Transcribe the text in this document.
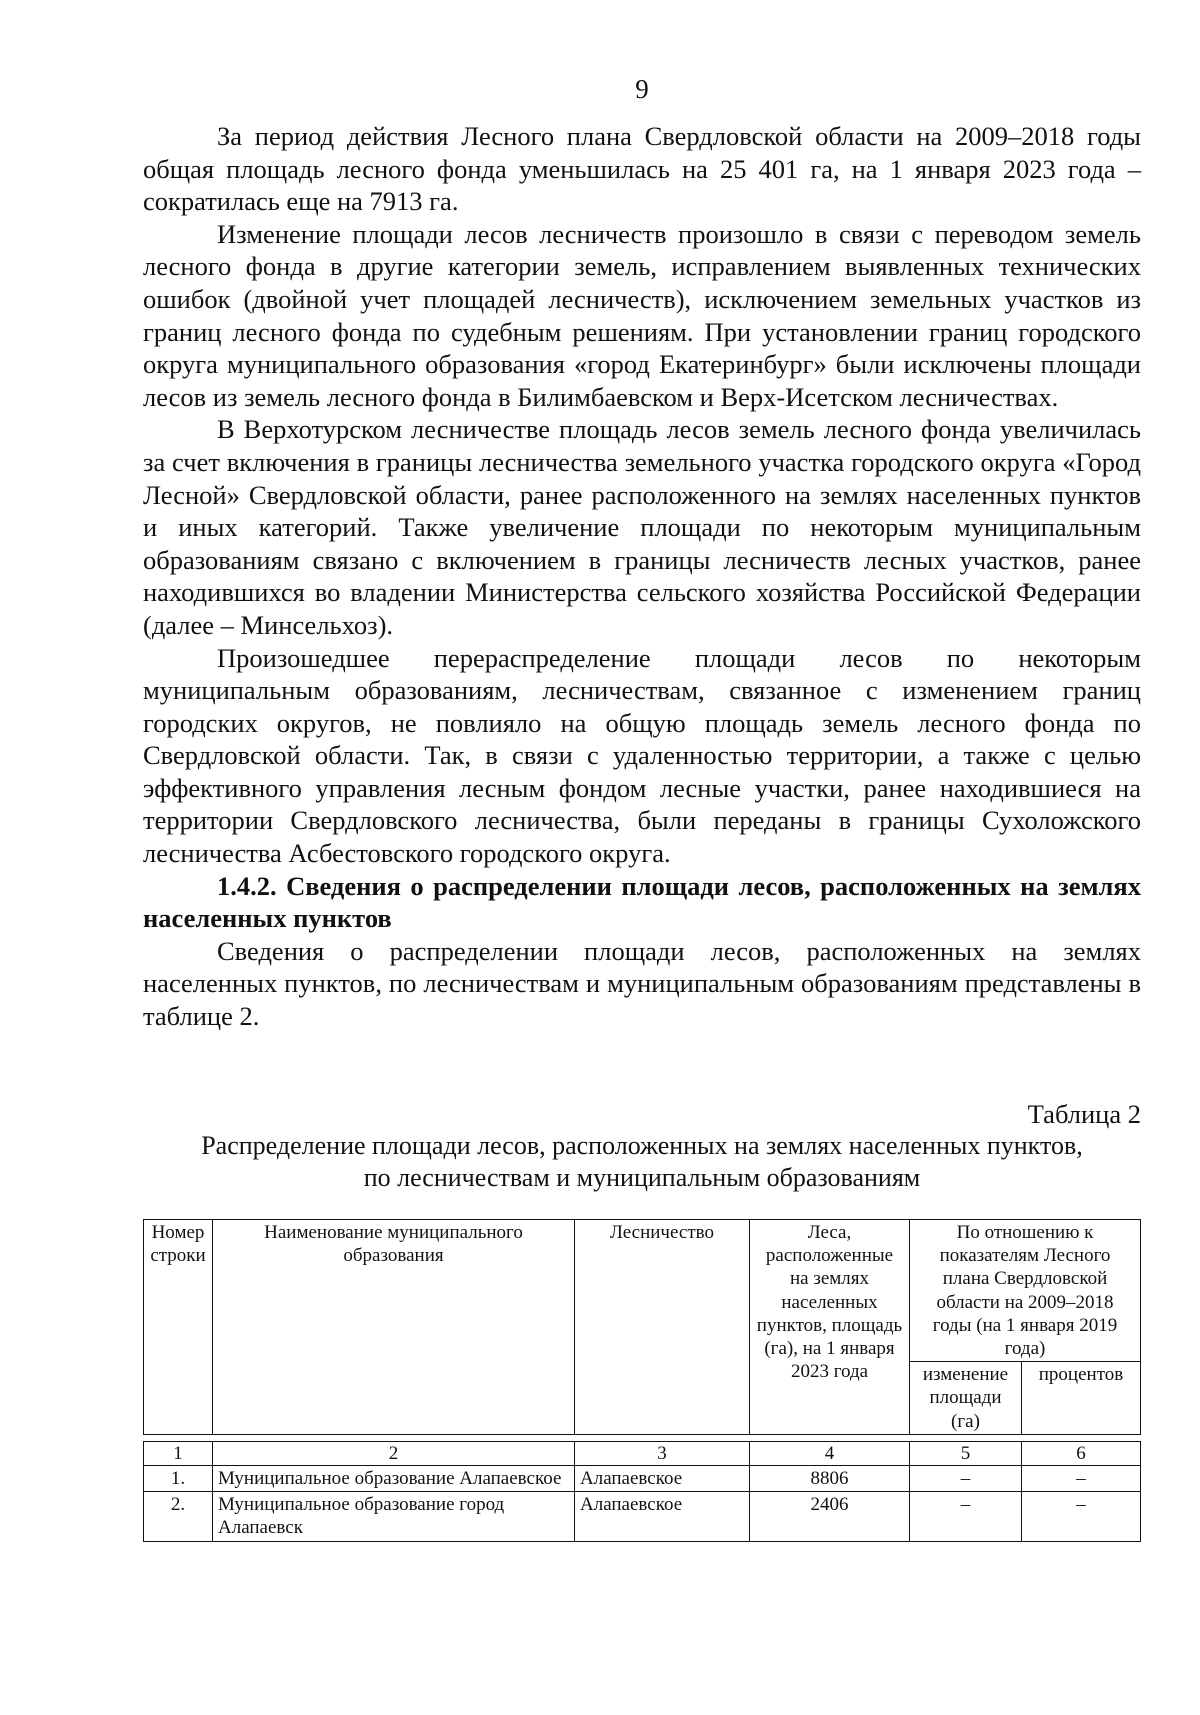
9

За период действия Лесного плана Свердловской области на 2009–2018 годы общая площадь лесного фонда уменьшилась на 25 401 га, на 1 января 2023 года – сократилась еще на 7913 га.

Изменение площади лесов лесничеств произошло в связи с переводом земель лесного фонда в другие категории земель, исправлением выявленных технических ошибок (двойной учет площадей лесничеств), исключением земельных участков из границ лесного фонда по судебным решениям. При установлении границ городского округа муниципального образования «город Екатеринбург» были исключены площади лесов из земель лесного фонда в Билимбаевском и Верх-Исетском лесничествах.

В Верхотурском лесничестве площадь лесов земель лесного фонда увеличилась за счет включения в границы лесничества земельного участка городского округа «Город Лесной» Свердловской области, ранее расположенного на землях населенных пунктов и иных категорий. Также увеличение площади по некоторым муниципальным образованиям связано с включением в границы лесничеств лесных участков, ранее находившихся во владении Министерства сельского хозяйства Российской Федерации (далее – Минсельхоз).

Произошедшее перераспределение площади лесов по некоторым муниципальным образованиям, лесничествам, связанное с изменением границ городских округов, не повлияло на общую площадь земель лесного фонда по Свердловской области. Так, в связи с удаленностью территории, а также с целью эффективного управления лесным фондом лесные участки, ранее находившиеся на территории Свердловского лесничества, были переданы в границы Сухоложского лесничества Асбестовского городского округа.

1.4.2. Сведения о распределении площади лесов, расположенных на землях населенных пунктов

Сведения о распределении площади лесов, расположенных на землях населенных пунктов, по лесничествам и муниципальным образованиям представлены в таблице 2.

Таблица 2
Распределение площади лесов, расположенных на землях населенных пунктов,
по лесничествам и муниципальным образованиям
Номер строки	Наименование муниципального образования	Лесничество	Леса, расположенные на землях населенных пунктов, площадь (га), на 1 января 2023 года	По отношению к показателям Лесного плана Свердловской области на 2009–2018 годы (на 1 января 2019 года)	
				изменение площади (га)	процентов

1	2	3	4	5	6
1.	Муниципальное образование Алапаевское	Алапаевское	8806	–	–
2.	Муниципальное образование город Алапаевск	Алапаевское	2406	–	–
